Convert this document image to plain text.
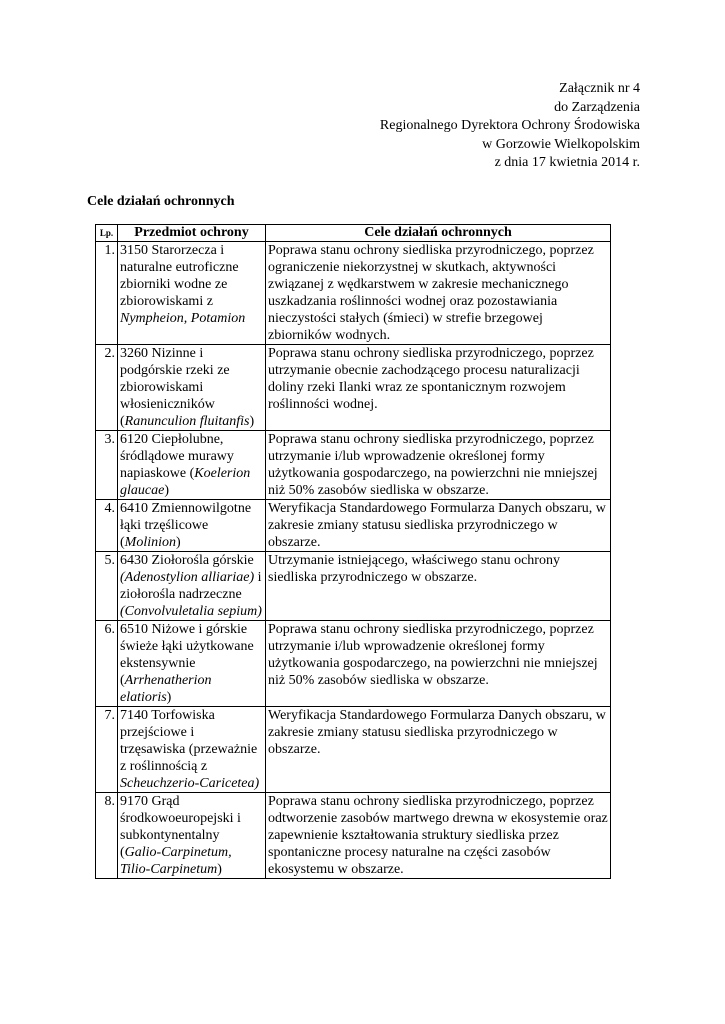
Załącznik nr 4
do Zarządzenia
Regionalnego Dyrektora Ochrony Środowiska
w Gorzowie Wielkopolskim
z dnia 17 kwietnia 2014 r.
Cele działań ochronnych
Lp.	Przedmiot ochrony	Cele działań ochronnych
1.	3150 Starorzecza i naturalne eutroficzne zbiorniki wodne ze zbiorowiskami z Nympheion, Potamion	Poprawa stanu ochrony siedliska przyrodniczego, poprzez ograniczenie niekorzystnej w skutkach, aktywności związanej z wędkarstwem w zakresie mechanicznego uszkadzania roślinności wodnej oraz pozostawiania nieczystości stałych (śmieci) w strefie brzegowej zbiorników wodnych.
2.	3260 Nizinne i podgórskie rzeki ze zbiorowiskami włosieniczników (Ranunculion fluitanfis)	Poprawa stanu ochrony siedliska przyrodniczego, poprzez utrzymanie obecnie zachodzącego procesu naturalizacji doliny rzeki Ilanki wraz ze spontanicznym rozwojem roślinności wodnej.
3.	6120 Ciepłolubne, śródlądowe murawy napiaskowe (Koelerion glaucae)	Poprawa stanu ochrony siedliska przyrodniczego, poprzez utrzymanie i/lub wprowadzenie określonej formy użytkowania gospodarczego, na powierzchni nie mniejszej niż 50% zasobów siedliska w obszarze.
4.	6410 Zmiennowilgotne łąki trzęślicowe (Molinion)	Weryfikacja Standardowego Formularza Danych obszaru, w zakresie zmiany statusu siedliska przyrodniczego w obszarze.
5.	6430 Ziołorośla górskie (Adenostylion alliariae) i ziołorośla nadrzeczne (Convolvuletalia sepium)	Utrzymanie istniejącego, właściwego stanu ochrony siedliska przyrodniczego w obszarze.
6.	6510 Niżowe i górskie świeże łąki użytkowane ekstensywnie (Arrhenatherion elatioris)	Poprawa stanu ochrony siedliska przyrodniczego, poprzez utrzymanie i/lub wprowadzenie określonej formy użytkowania gospodarczego, na powierzchni nie mniejszej niż 50% zasobów siedliska w obszarze.
7.	7140 Torfowiska przejściowe i trzęsawiska (przeważnie z roślinnością z Scheuchzerio-Caricetea)	Weryfikacja Standardowego Formularza Danych obszaru, w zakresie zmiany statusu siedliska przyrodniczego w obszarze.
8.	9170 Grąd środkowoeuropejski i subkontynentalny (Galio-Carpinetum, Tilio-Carpinetum)	Poprawa stanu ochrony siedliska przyrodniczego, poprzez odtworzenie zasobów martwego drewna w ekosystemie oraz zapewnienie kształtowania struktury siedliska przez spontaniczne procesy naturalne na części zasobów ekosystemu w obszarze.
